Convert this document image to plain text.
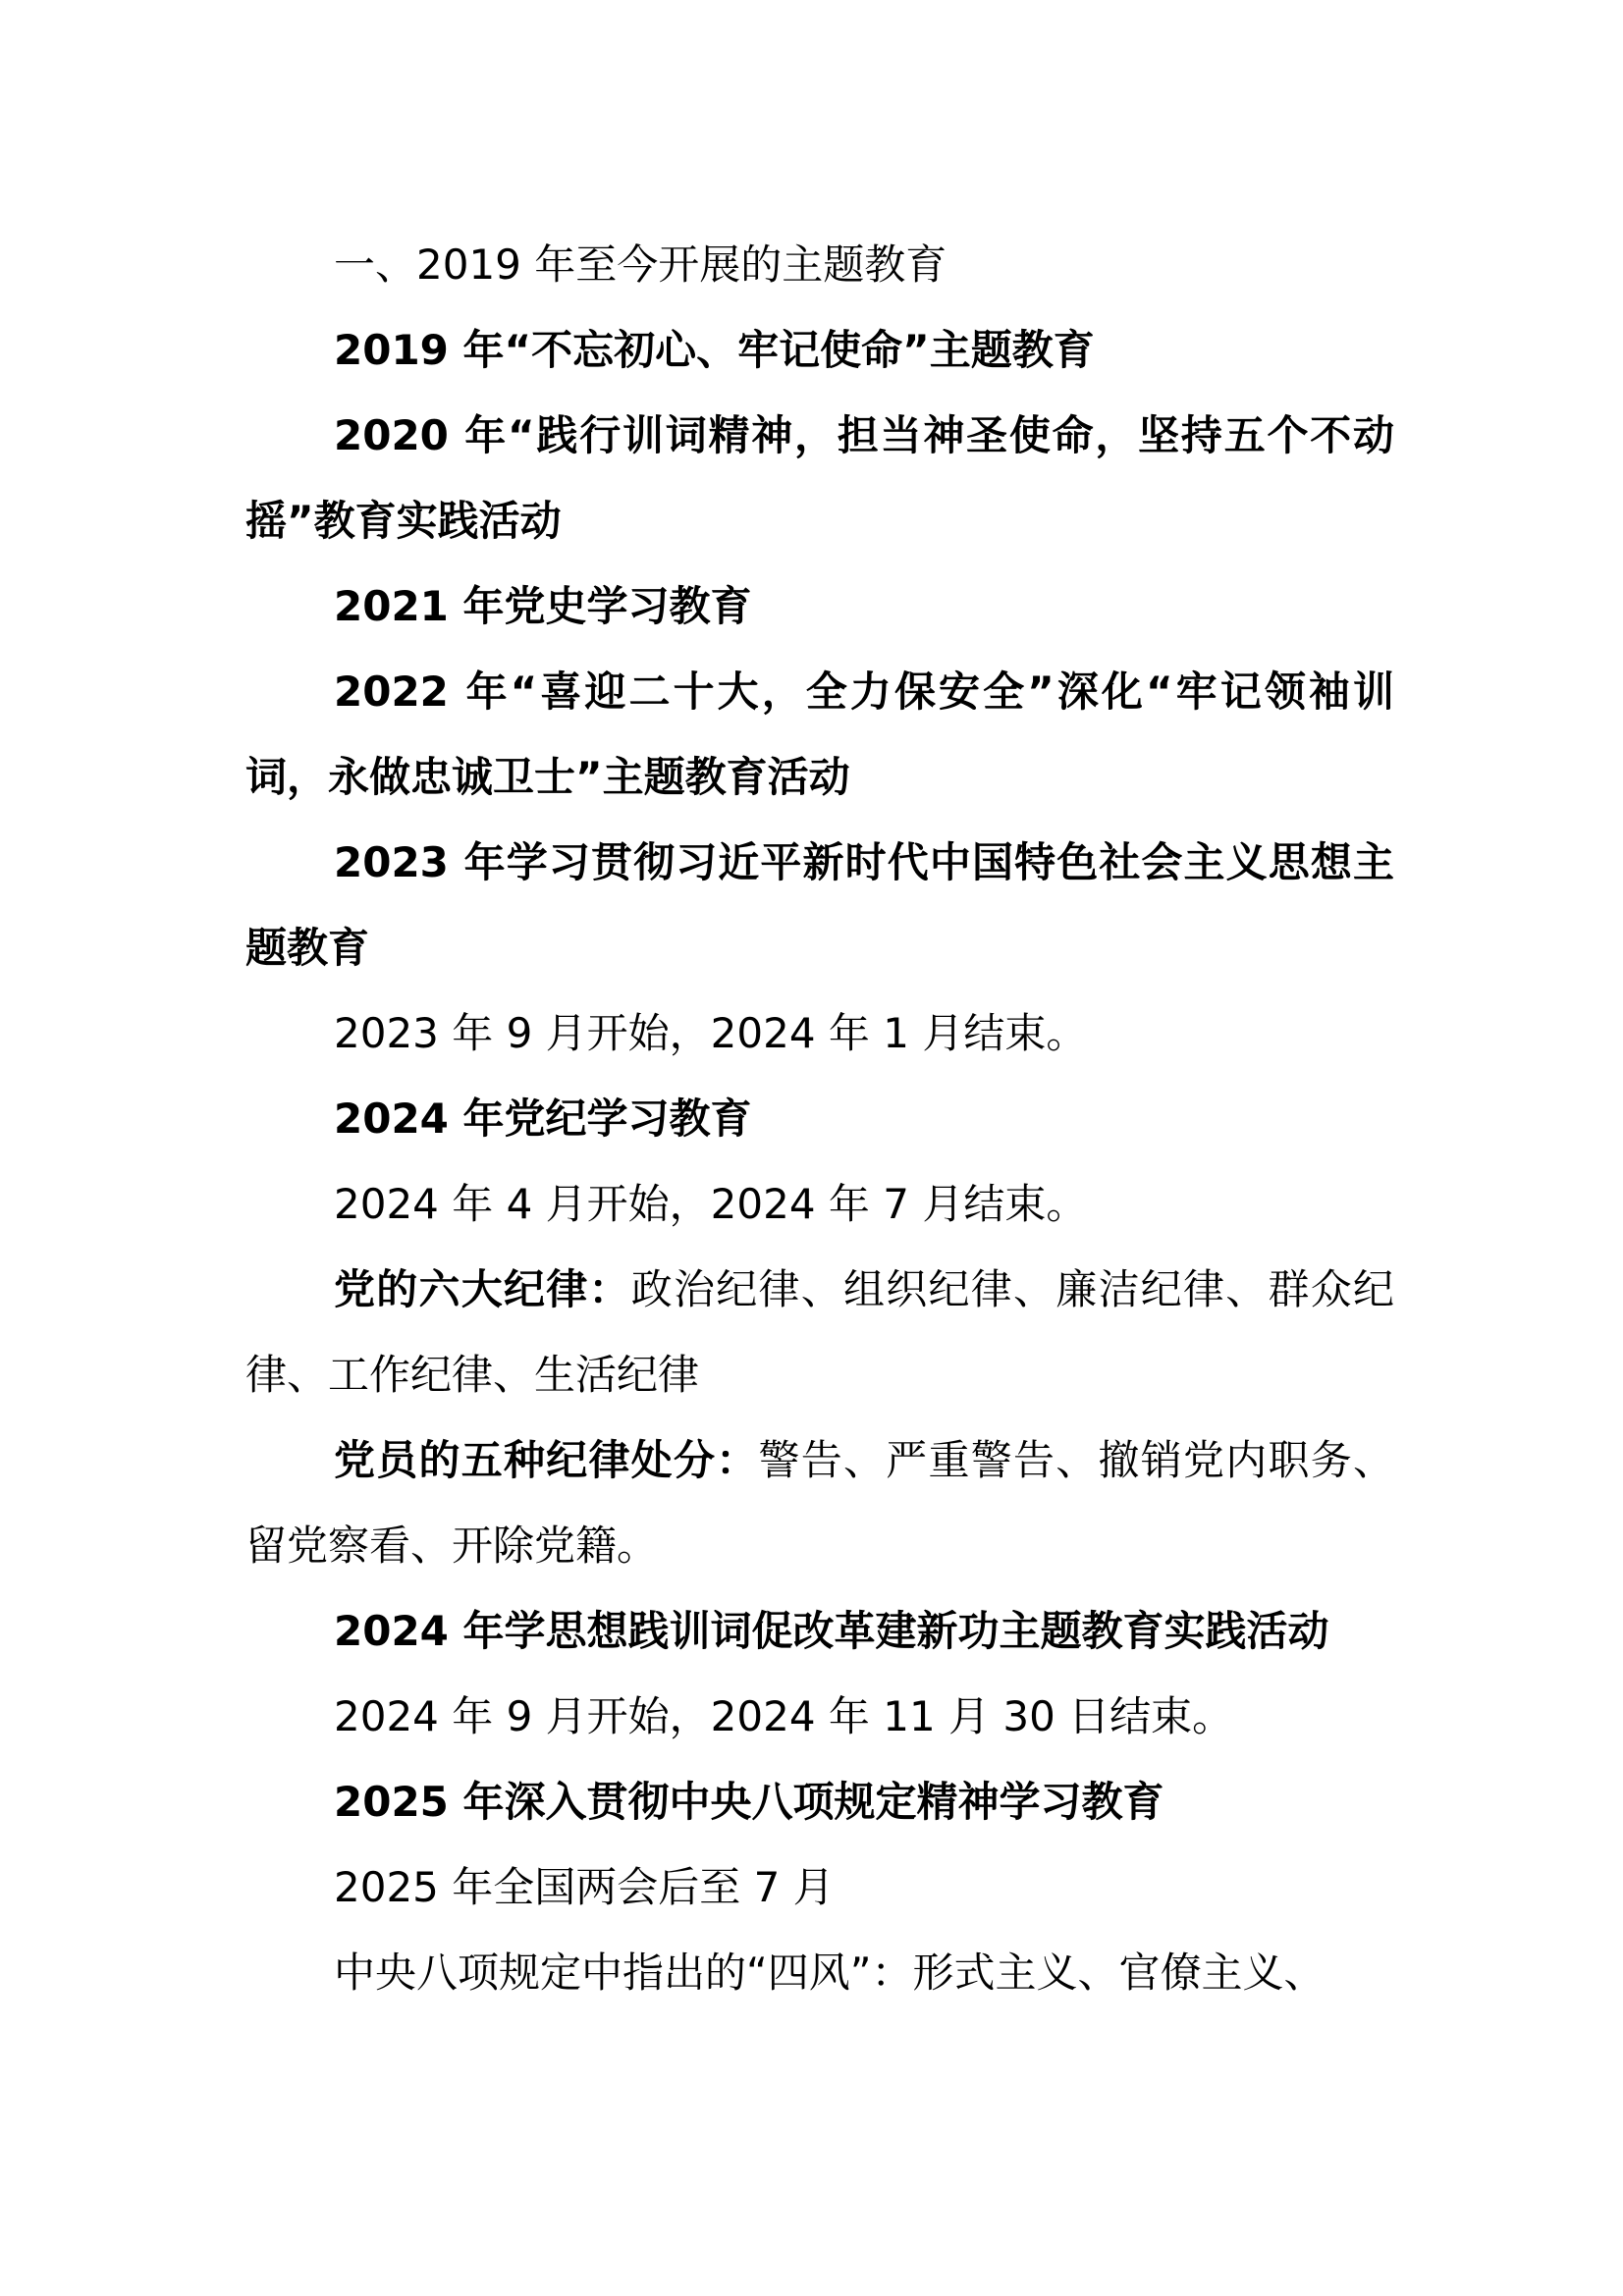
一、2019 年至今开展的主题教育

2019 年“不忘初心、牢记使命”主题教育

2020 年“践行训词精神，担当神圣使命，坚持五个不动摇”教育实践活动

2021 年党史学习教育

2022 年“喜迎二十大，全力保安全”深化“牢记领袖训词，永做忠诚卫士”主题教育活动

2023 年学习贯彻习近平新时代中国特色社会主义思想主题教育

2023 年 9 月开始，2024 年 1 月结束。

2024 年党纪学习教育

2024 年 4 月开始，2024 年 7 月结束。

党的六大纪律：政治纪律、组织纪律、廉洁纪律、群众纪律、工作纪律、生活纪律

党员的五种纪律处分：警告、严重警告、撤销党内职务、留党察看、开除党籍。

2024 年学思想践训词促改革建新功主题教育实践活动

2024 年 9 月开始，2024 年 11 月 30 日结束。

2025 年深入贯彻中央八项规定精神学习教育

2025 年全国两会后至 7 月

中央八项规定中指出的“四风”：形式主义、官僚主义、
